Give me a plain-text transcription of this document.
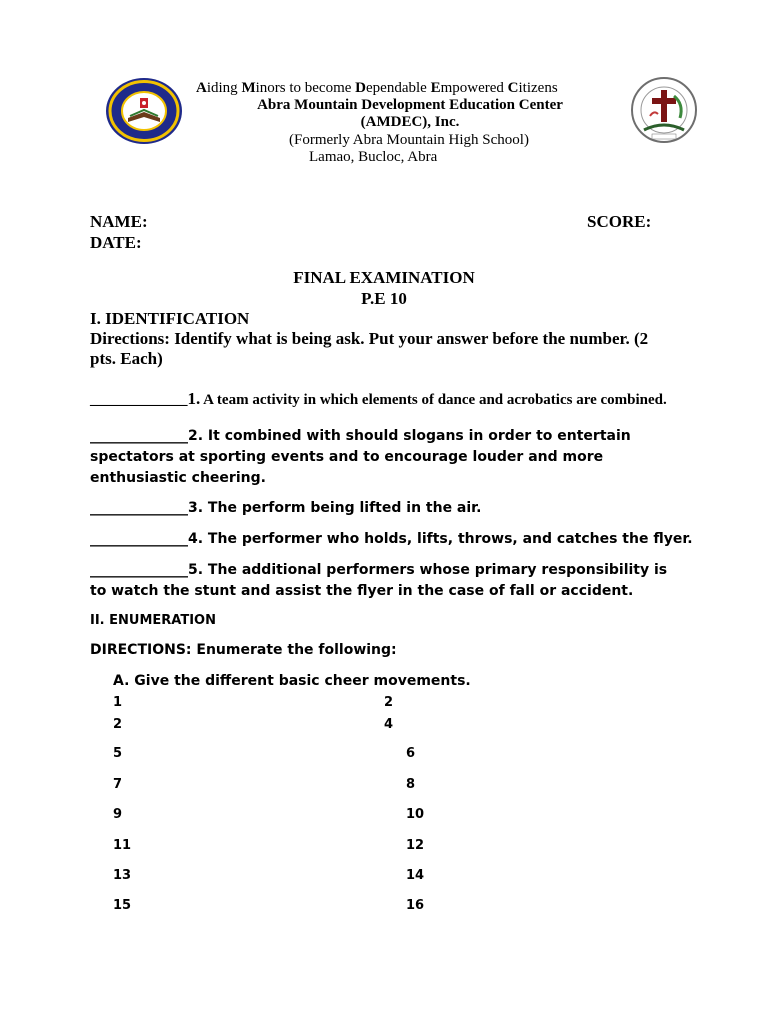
Aiding Minors to become Dependable Empowered Citizens
Abra Mountain Development Education Center
(AMDEC), Inc.
(Formerly Abra Mountain High School)
Lamao, Bucloc, Abra
NAME:	SCORE:
DATE:
FINAL EXAMINATION
P.E 10
I. IDENTIFICATION
Directions: Identify what is being ask. Put your answer before the number. (2 pts. Each)
_____________1. A team activity in which elements of dance and acrobatics are combined.
______________2. It combined with should slogans in order to entertain spectators at sporting events and to encourage louder and more enthusiastic cheering.
______________3. The perform being lifted in the air.
______________4. The performer who holds, lifts, throws, and catches the flyer.
______________5. The additional performers whose primary responsibility is to watch the stunt and assist the flyer in the case of fall or accident.
II. ENUMERATION
DIRECTIONS: Enumerate the following:
A. Give the different basic cheer movements.
1	2
2	4
5	6
7	8
9	10
11	12
13	14
15	16
